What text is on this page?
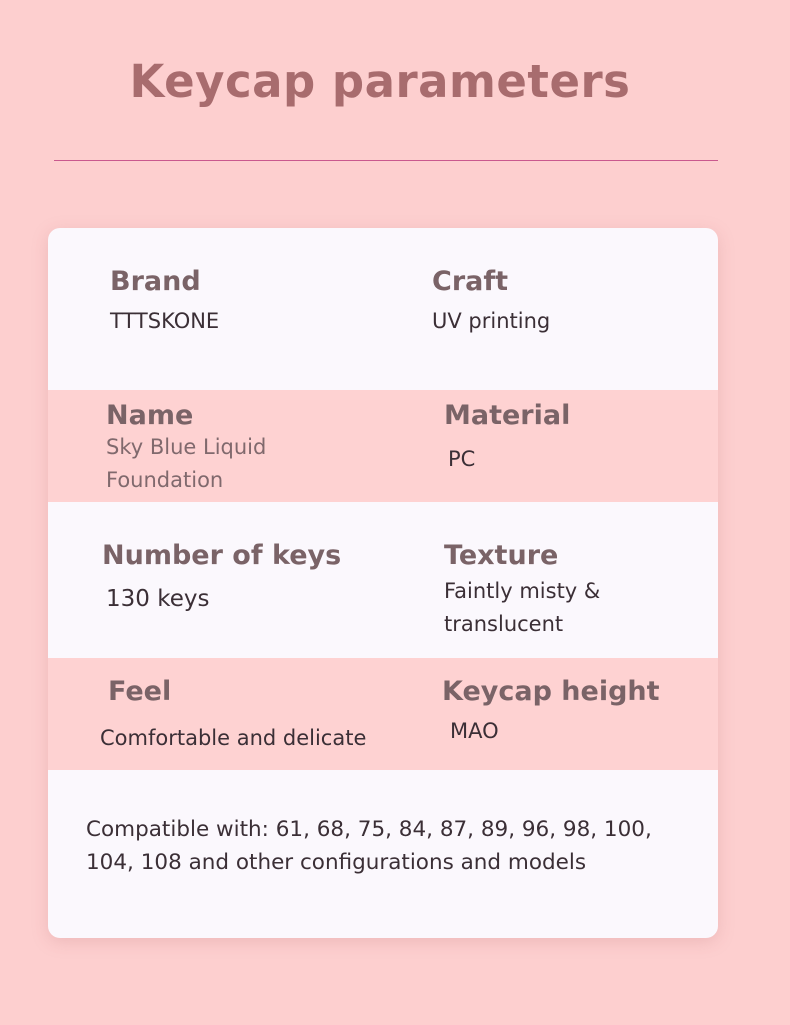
Keycap parameters
Brand
TTTSKONE
Craft
UV printing
Name
Sky Blue Liquid
Foundation
Material
PC
Number of keys
130 keys
Texture
Faintly misty &
translucent
Feel
Comfortable and delicate
Keycap height
MAO
Compatible with: 61, 68, 75, 84, 87, 89, 96, 98, 100,
104, 108 and other configurations and models
